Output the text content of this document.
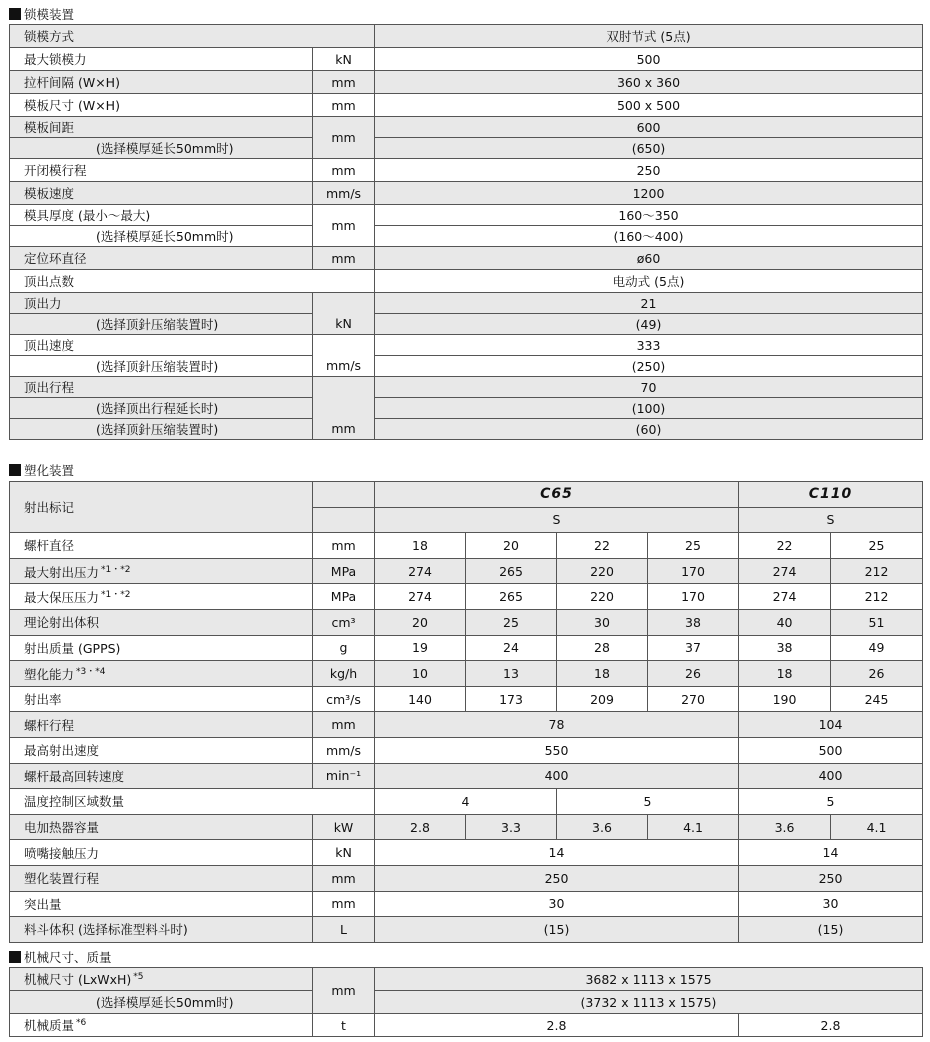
锁模装置
锁模方式		双肘节式 (5点)
最大锁模力	kN	500
拉杆间隔 (W×H)	mm	360 x 360
模板尺寸 (W×H)	mm	500 x 500
模板间距	mm	600
(选择模厚延长50mm时)		(650)
开闭模行程	mm	250
模板速度	mm/s	1200
模具厚度 (最小～最大)	mm	160～350
(选择模厚延长50mm时)		(160～400)
定位环直径	mm	ø60
顶出点数		电动式 (5点)
顶出力	kN	21
(选择顶針压缩装置时)		(49)
顶出速度	mm/s	333
(选择顶針压缩装置时)		(250)
顶出行程	mm	70
(选择顶出行程延长时)		(100)
(选择顶針压缩装置时)		(60)
塑化装置
射出标记		C65				C110	
		S				S	
螺杆直径	mm	18	20	22	25	22	25
最大射出压力 $^{*1・*2}$	MPa	274	265	220	170	274	212
最大保压压力 $^{*1・*2}$	MPa	274	265	220	170	274	212
理论射出体积	cm³	20	25	30	38	40	51
射出质量 (GPPS)	g	19	24	28	37	38	49
塑化能力 $^{*3・*4}$	kg/h	10	13	18	26	18	26
射出率	cm³/s	140	173	209	270	190	245
螺杆行程	mm	78				104	
最高射出速度	mm/s	550				500	
螺杆最高回转速度	min⁻¹	400				400	
温度控制区域数量		4		5		5	
电加热器容量	kW	2.8	3.3	3.6	4.1	3.6	4.1
喷嘴接触压力	kN	14				14	
塑化装置行程	mm	250				250	
突出量	mm	30				30	
料斗体积 (选择标准型料斗时)	L	(15)				(15)	
机械尺寸、质量
机械尺寸 (LxWxH) $^{*5}$	mm	3682 x 1113 x 1575	
(选择模厚延长50mm时)		(3732 x 1113 x 1575)	
机械质量 $^{*6}$	t	2.8	2.8
